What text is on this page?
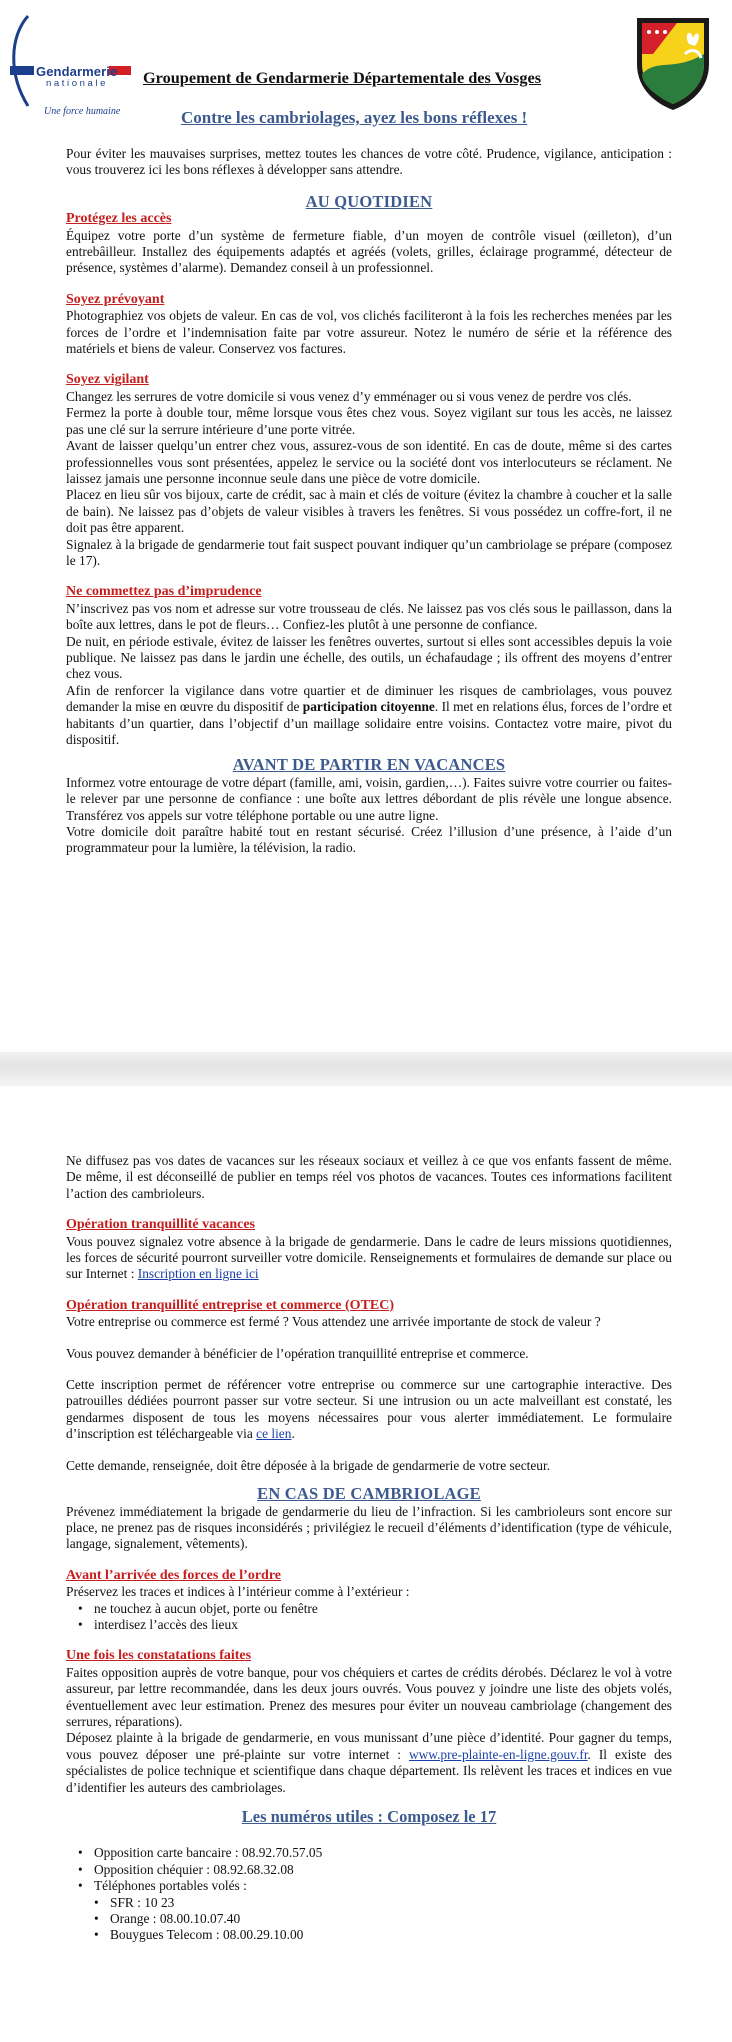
Gendarmerie
nationale
Une force humaine
Groupement de Gendarmerie Départementale des Vosges
Contre les cambriolages, ayez les bons réflexes !

Pour éviter les mauvaises surprises, mettez toutes les chances de votre côté. Prudence, vigilance, anticipation : vous trouverez ici les bons réflexes à développer sans attendre.

AU QUOTIDIEN
Protégez les accès

Équipez votre porte d’un système de fermeture fiable, d’un moyen de contrôle visuel (œilleton), d’un entrebâilleur. Installez des équipements adaptés et agréés (volets, grilles, éclairage programmé, détecteur de présence, systèmes d’alarme). Demandez conseil à un professionnel.

Soyez prévoyant

Photographiez vos objets de valeur. En cas de vol, vos clichés faciliteront à la fois les recherches menées par les forces de l’ordre et l’indemnisation faite par votre assureur. Notez le numéro de série et la référence des matériels et biens de valeur. Conservez vos factures.

Soyez vigilant

Changez les serrures de votre domicile si vous venez d’y emménager ou si vous venez de perdre vos clés.

Fermez la porte à double tour, même lorsque vous êtes chez vous. Soyez vigilant sur tous les accès, ne laissez pas une clé sur la serrure intérieure d’une porte vitrée.

Avant de laisser quelqu’un entrer chez vous, assurez-vous de son identité. En cas de doute, même si des cartes professionnelles vous sont présentées, appelez le service ou la société dont vos interlocuteurs se réclament. Ne laissez jamais une personne inconnue seule dans une pièce de votre domicile.

Placez en lieu sûr vos bijoux, carte de crédit, sac à main et clés de voiture (évitez la chambre à coucher et la salle de bain). Ne laissez pas d’objets de valeur visibles à travers les fenêtres. Si vous possédez un coffre-fort, il ne doit pas être apparent.

Signalez à la brigade de gendarmerie tout fait suspect pouvant indiquer qu’un cambriolage se prépare (composez le 17).

Ne commettez pas d’imprudence

N’inscrivez pas vos nom et adresse sur votre trousseau de clés. Ne laissez pas vos clés sous le paillasson, dans la boîte aux lettres, dans le pot de fleurs… Confiez-les plutôt à une personne de confiance.

De nuit, en période estivale, évitez de laisser les fenêtres ouvertes, surtout si elles sont accessibles depuis la voie publique. Ne laissez pas dans le jardin une échelle, des outils, un échafaudage ; ils offrent des moyens d’entrer chez vous.

Afin de renforcer la vigilance dans votre quartier et de diminuer les risques de cambriolages, vous pouvez demander la mise en œuvre du dispositif de participation citoyenne. Il met en relations élus, forces de l’ordre et habitants d’un quartier, dans l’objectif d’un maillage solidaire entre voisins. Contactez votre maire, pivot du dispositif.

AVANT DE PARTIR EN VACANCES

Informez votre entourage de votre départ (famille, ami, voisin, gardien,…). Faites suivre votre courrier ou faites-le relever par une personne de confiance : une boîte aux lettres débordant de plis révèle une longue absence. Transférez vos appels sur votre téléphone portable ou une autre ligne.

Votre domicile doit paraître habité tout en restant sécurisé. Créez l’illusion d’une présence, à l’aide d’un programmateur pour la lumière, la télévision, la radio.

Ne diffusez pas vos dates de vacances sur les réseaux sociaux et veillez à ce que vos enfants fassent de même. De même, il est déconseillé de publier en temps réel vos photos de vacances. Toutes ces informations facilitent l’action des cambrioleurs.

Opération tranquillité vacances

Vous pouvez signalez votre absence à la brigade de gendarmerie. Dans le cadre de leurs missions quotidiennes, les forces de sécurité pourront surveiller votre domicile. Renseignements et formulaires de demande sur place ou sur Internet : Inscription en ligne ici

Opération tranquillité entreprise et commerce (OTEC)

Votre entreprise ou commerce est fermé ? Vous attendez une arrivée importante de stock de valeur ?

Vous pouvez demander à bénéficier de l’opération tranquillité entreprise et commerce.

Cette inscription permet de référencer votre entreprise ou commerce sur une cartographie interactive. Des patrouilles dédiées pourront passer sur votre secteur. Si une intrusion ou un acte malveillant est constaté, les gendarmes disposent de tous les moyens nécessaires pour vous alerter immédiatement. Le formulaire d’inscription est téléchargeable via ce lien.

Cette demande, renseignée, doit être déposée à la brigade de gendarmerie de votre secteur.

EN CAS DE CAMBRIOLAGE

Prévenez immédiatement la brigade de gendarmerie du lieu de l’infraction. Si les cambrioleurs sont encore sur place, ne prenez pas de risques inconsidérés ; privilégiez le recueil d’éléments d’identification (type de véhicule, langage, signalement, vêtements).

Avant l’arrivée des forces de l’ordre

Préservez les traces et indices à l’intérieur comme à l’extérieur :

• ne touchez à aucun objet, porte ou fenêtre
• interdisez l’accès des lieux
Une fois les constatations faites

Faites opposition auprès de votre banque, pour vos chéquiers et cartes de crédits dérobés. Déclarez le vol à votre assureur, par lettre recommandée, dans les deux jours ouvrés. Vous pouvez y joindre une liste des objets volés, éventuellement avec leur estimation. Prenez des mesures pour éviter un nouveau cambriolage (changement des serrures, réparations).

Déposez plainte à la brigade de gendarmerie, en vous munissant d’une pièce d’identité. Pour gagner du temps, vous pouvez déposer une pré-plainte sur votre internet : www.pre-plainte-en-ligne.gouv.fr. Il existe des spécialistes de police technique et scientifique dans chaque département. Ils relèvent les traces et indices en vue d’identifier les auteurs des cambriolages.

Les numéros utiles : Composez le 17
• Opposition carte bancaire : 08.92.70.57.05
• Opposition chéquier : 08.92.68.32.08
• Téléphones portables volés :
• SFR : 10 23
• Orange : 08.00.10.07.40
• Bouygues Telecom : 08.00.29.10.00
